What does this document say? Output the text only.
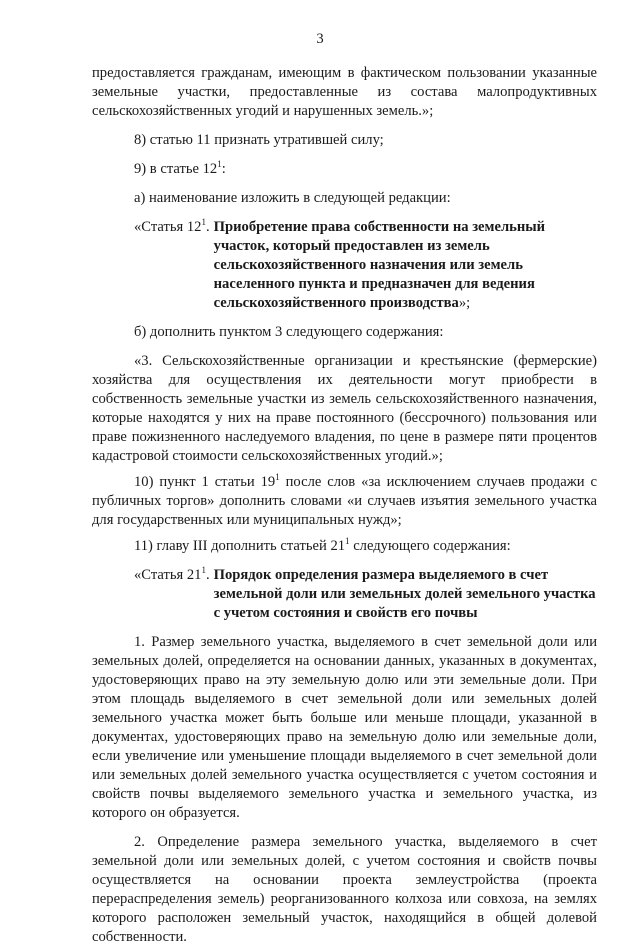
3

предоставляется гражданам, имеющим в фактическом пользовании указанные земельные участки, предоставленные из состава малопродуктивных сельскохозяйственных угодий и нарушенных земель.»;

8) статью 11 признать утратившей силу;

9) в статье $12^1$:

а) наименование изложить в следующей редакции:

«Статья $12^1$. Приобретение права собственности на земельный участок, который предоставлен из земель сельскохозяйственного назначения или земель населенного пункта и предназначен для ведения сельскохозяйственного производства»;

б) дополнить пунктом 3 следующего содержания:

«3. Сельскохозяйственные организации и крестьянские (фермерские) хозяйства для осуществления их деятельности могут приобрести в собственность земельные участки из земель сельскохозяйственного назначения, которые находятся у них на праве постоянного (бессрочного) пользования или праве пожизненного наследуемого владения, по цене в размере пяти процентов кадастровой стоимости сельскохозяйственных угодий.»;

10) пункт 1 статьи $19^1$ после слов «за исключением случаев продажи с публичных торгов» дополнить словами «и случаев изъятия земельного участка для государственных или муниципальных нужд»;

11) главу III дополнить статьей $21^1$ следующего содержания:

«Статья $21^1$. Порядок определения размера выделяемого в счет земельной доли или земельных долей земельного участка с учетом состояния и свойств его почвы

1. Размер земельного участка, выделяемого в счет земельной доли или земельных долей, определяется на основании данных, указанных в документах, удостоверяющих право на эту земельную долю или эти земельные доли. При этом площадь выделяемого в счет земельной доли или земельных долей земельного участка может быть больше или меньше площади, указанной в документах, удостоверяющих право на земельную долю или земельные доли, если увеличение или уменьшение площади выделяемого в счет земельной доли или земельных долей земельного участка осуществляется с учетом состояния и свойств почвы выделяемого земельного участка и земельного участка, из которого он образуется.

2. Определение размера земельного участка, выделяемого в счет земельной доли или земельных долей, с учетом состояния и свойств почвы осуществляется на основании проекта землеустройства (проекта перераспределения земель) реорганизованного колхоза или совхоза, на землях которого расположен земельный участок, находящийся в общей долевой собственности.
